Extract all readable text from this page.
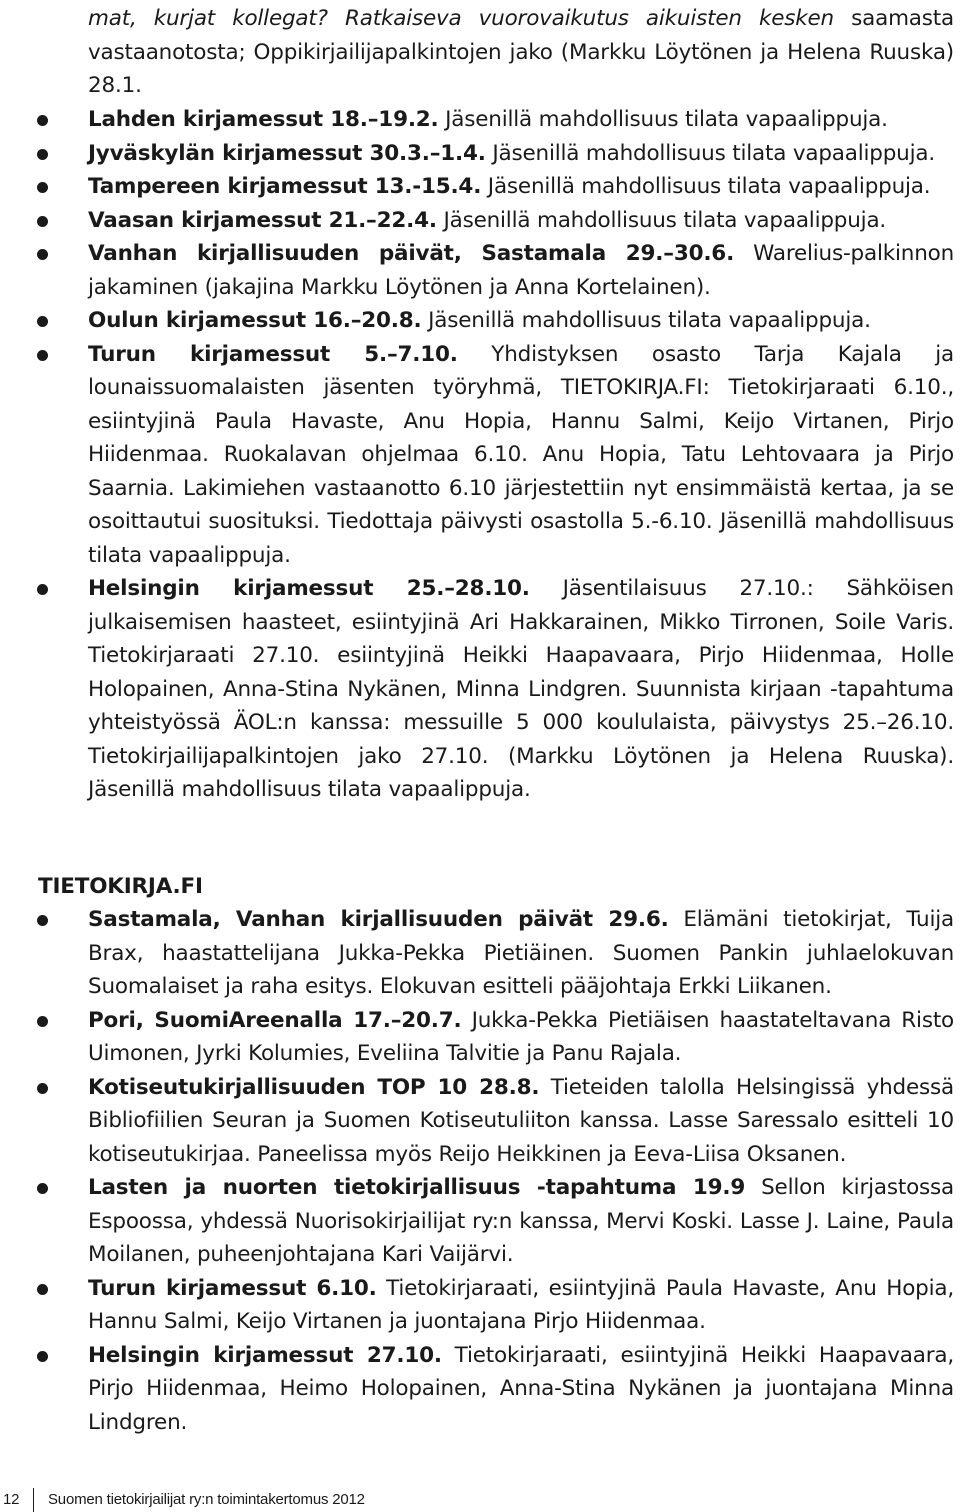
mat, kurjat kollegat? Ratkaiseva vuorovaikutus aikuisten kesken saamasta vastaanotosta; Oppikirjailijapalkintojen jako (Markku Löytönen ja Helena Ruuska) 28.1.

Lahden kirjamessut 18.–19.2. Jäsenillä mahdollisuus tilata vapaalippuja.
Jyväskylän kirjamessut 30.3.–1.4. Jäsenillä mahdollisuus tilata vapaalippuja.
Tampereen kirjamessut 13.-15.4. Jäsenillä mahdollisuus tilata vapaalippuja.
Vaasan kirjamessut 21.–22.4. Jäsenillä mahdollisuus tilata vapaalippuja.
Vanhan kirjallisuuden päivät, Sastamala 29.–30.6. Warelius-palkinnon jakaminen (jakajina Markku Löytönen ja Anna Kortelainen).
Oulun kirjamessut 16.–20.8. Jäsenillä mahdollisuus tilata vapaalippuja.
Turun kirjamessut 5.–7.10. Yhdistyksen osasto Tarja Kajala ja lounaissuomalaisten jäsenten työryhmä, TIETOKIRJA.FI: Tietokirjaraati 6.10., esiintyjinä Paula Havaste, Anu Hopia, Hannu Salmi, Keijo Virtanen, Pirjo Hiidenmaa. Ruokalavan ohjelmaa 6.10. Anu Hopia, Tatu Lehtovaara ja Pirjo Saarnia. Lakimiehen vastaanotto 6.10 järjestettiin nyt ensimmäistä kertaa, ja se osoittautui suosituksi. Tiedottaja päivysti osastolla 5.-6.10. Jäsenillä mahdollisuus tilata vapaalippuja.
Helsingin kirjamessut 25.–28.10. Jäsentilaisuus 27.10.: Sähköisen julkaisemisen haasteet, esiintyjinä Ari Hakkarainen, Mikko Tirronen, Soile Varis. Tietokirjaraati 27.10. esiintyjinä Heikki Haapavaara, Pirjo Hiidenmaa, Holle Holopainen, Anna-Stina Nykänen, Minna Lindgren. Suunnista kirjaan -tapahtuma yhteistyössä ÄOL:n kanssa: messuille 5 000 koululaista, päivystys 25.–26.10. Tietokirjailijapalkintojen jako 27.10. (Markku Löytönen ja Helena Ruuska). Jäsenillä mahdollisuus tilata vapaalippuja.
TIETOKIRJA.FI
Sastamala, Vanhan kirjallisuuden päivät 29.6. Elämäni tietokirjat, Tuija Brax, haastattelijana Jukka-Pekka Pietiäinen. Suomen Pankin juhlaelokuvan Suomalaiset ja raha esitys. Elokuvan esitteli pääjohtaja Erkki Liikanen.
Pori, SuomiAreenalla 17.–20.7. Jukka-Pekka Pietiäisen haastateltavana Risto Uimonen, Jyrki Kolumies, Eveliina Talvitie ja Panu Rajala.
Kotiseutukirjallisuuden TOP 10 28.8. Tieteiden talolla Helsingissä yhdessä Bibliofiilien Seuran ja Suomen Kotiseutuliiton kanssa. Lasse Saressalo esitteli 10 kotiseutukirjaa. Paneelissa myös Reijo Heikkinen ja Eeva-Liisa Oksanen.
Lasten ja nuorten tietokirjallisuus -tapahtuma 19.9 Sellon kirjastossa Espoossa, yhdessä Nuorisokirjailijat ry:n kanssa, Mervi Koski. Lasse J. Laine, Paula Moilanen, puheenjohtajana Kari Vaijärvi.
Turun kirjamessut 6.10. Tietokirjaraati, esiintyjinä Paula Havaste, Anu Hopia, Hannu Salmi, Keijo Virtanen ja juontajana Pirjo Hiidenmaa.
Helsingin kirjamessut 27.10. Tietokirjaraati, esiintyjinä Heikki Haapavaara, Pirjo Hiidenmaa, Heimo Holopainen, Anna-Stina Nykänen ja juontajana Minna Lindgren.
12 Suomen tietokirjailijat ry:n toimintakertomus 2012
